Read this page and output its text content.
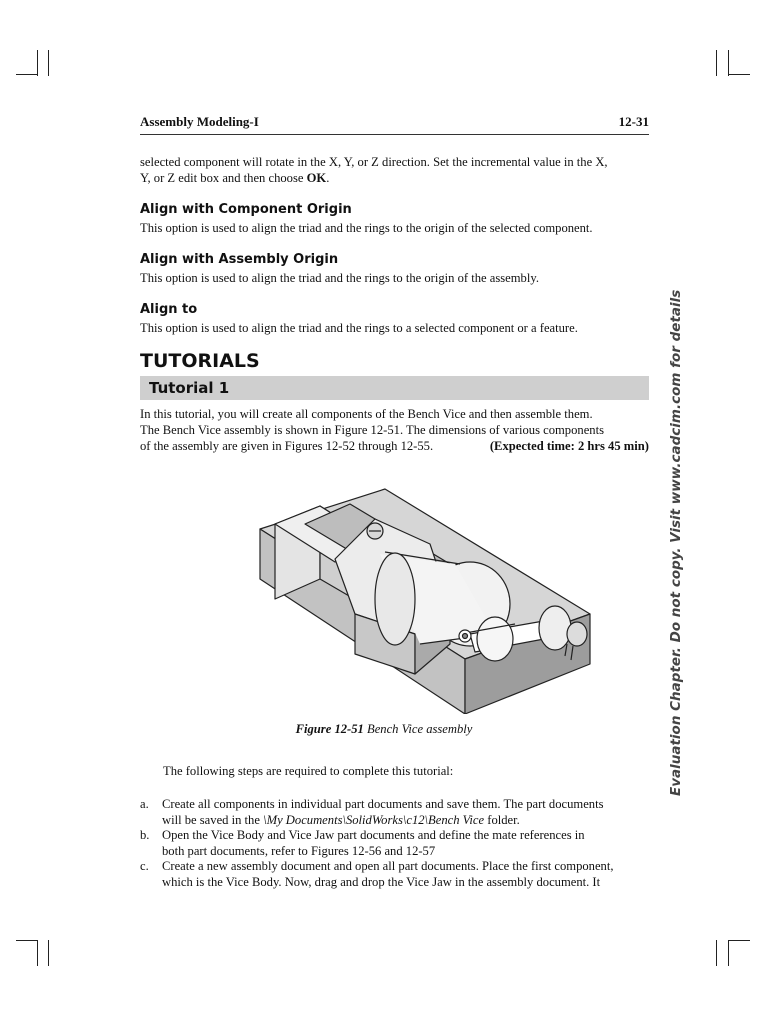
Assembly Modeling-I	12-31
selected component will rotate in the X, Y, or Z direction. Set the incremental value in the X,
Y, or Z edit box and then choose OK.
Align with Component Origin
This option is used to align the triad and the rings to the origin of the selected component.
Align with Assembly Origin
This option is used to align the triad and the rings to the origin of the assembly.
Align to
This option is used to align the triad and the rings to a selected component or a feature.
TUTORIALS
Tutorial 1
In this tutorial, you will create all components of the Bench Vice and then assemble them.
The Bench Vice assembly is shown in Figure 12-51. The dimensions of various components
of the assembly are given in Figures 12-52 through 12-55.	(Expected time: 2 hrs 45 min)
Figure 12-51 Bench Vice assembly
The following steps are required to complete this tutorial:
a. Create all components in individual part documents and save them. The part documents
will be saved in the \My Documents\SolidWorks\c12\Bench Vice folder.
b. Open the Vice Body and Vice Jaw part documents and define the mate references in
both part documents, refer to Figures 12-56 and 12-57
c. Create a new assembly document and open all part documents. Place the first component,
which is the Vice Body. Now, drag and drop the Vice Jaw in the assembly document. It
Evaluation Chapter. Do not copy. Visit www.cadcim.com for details
